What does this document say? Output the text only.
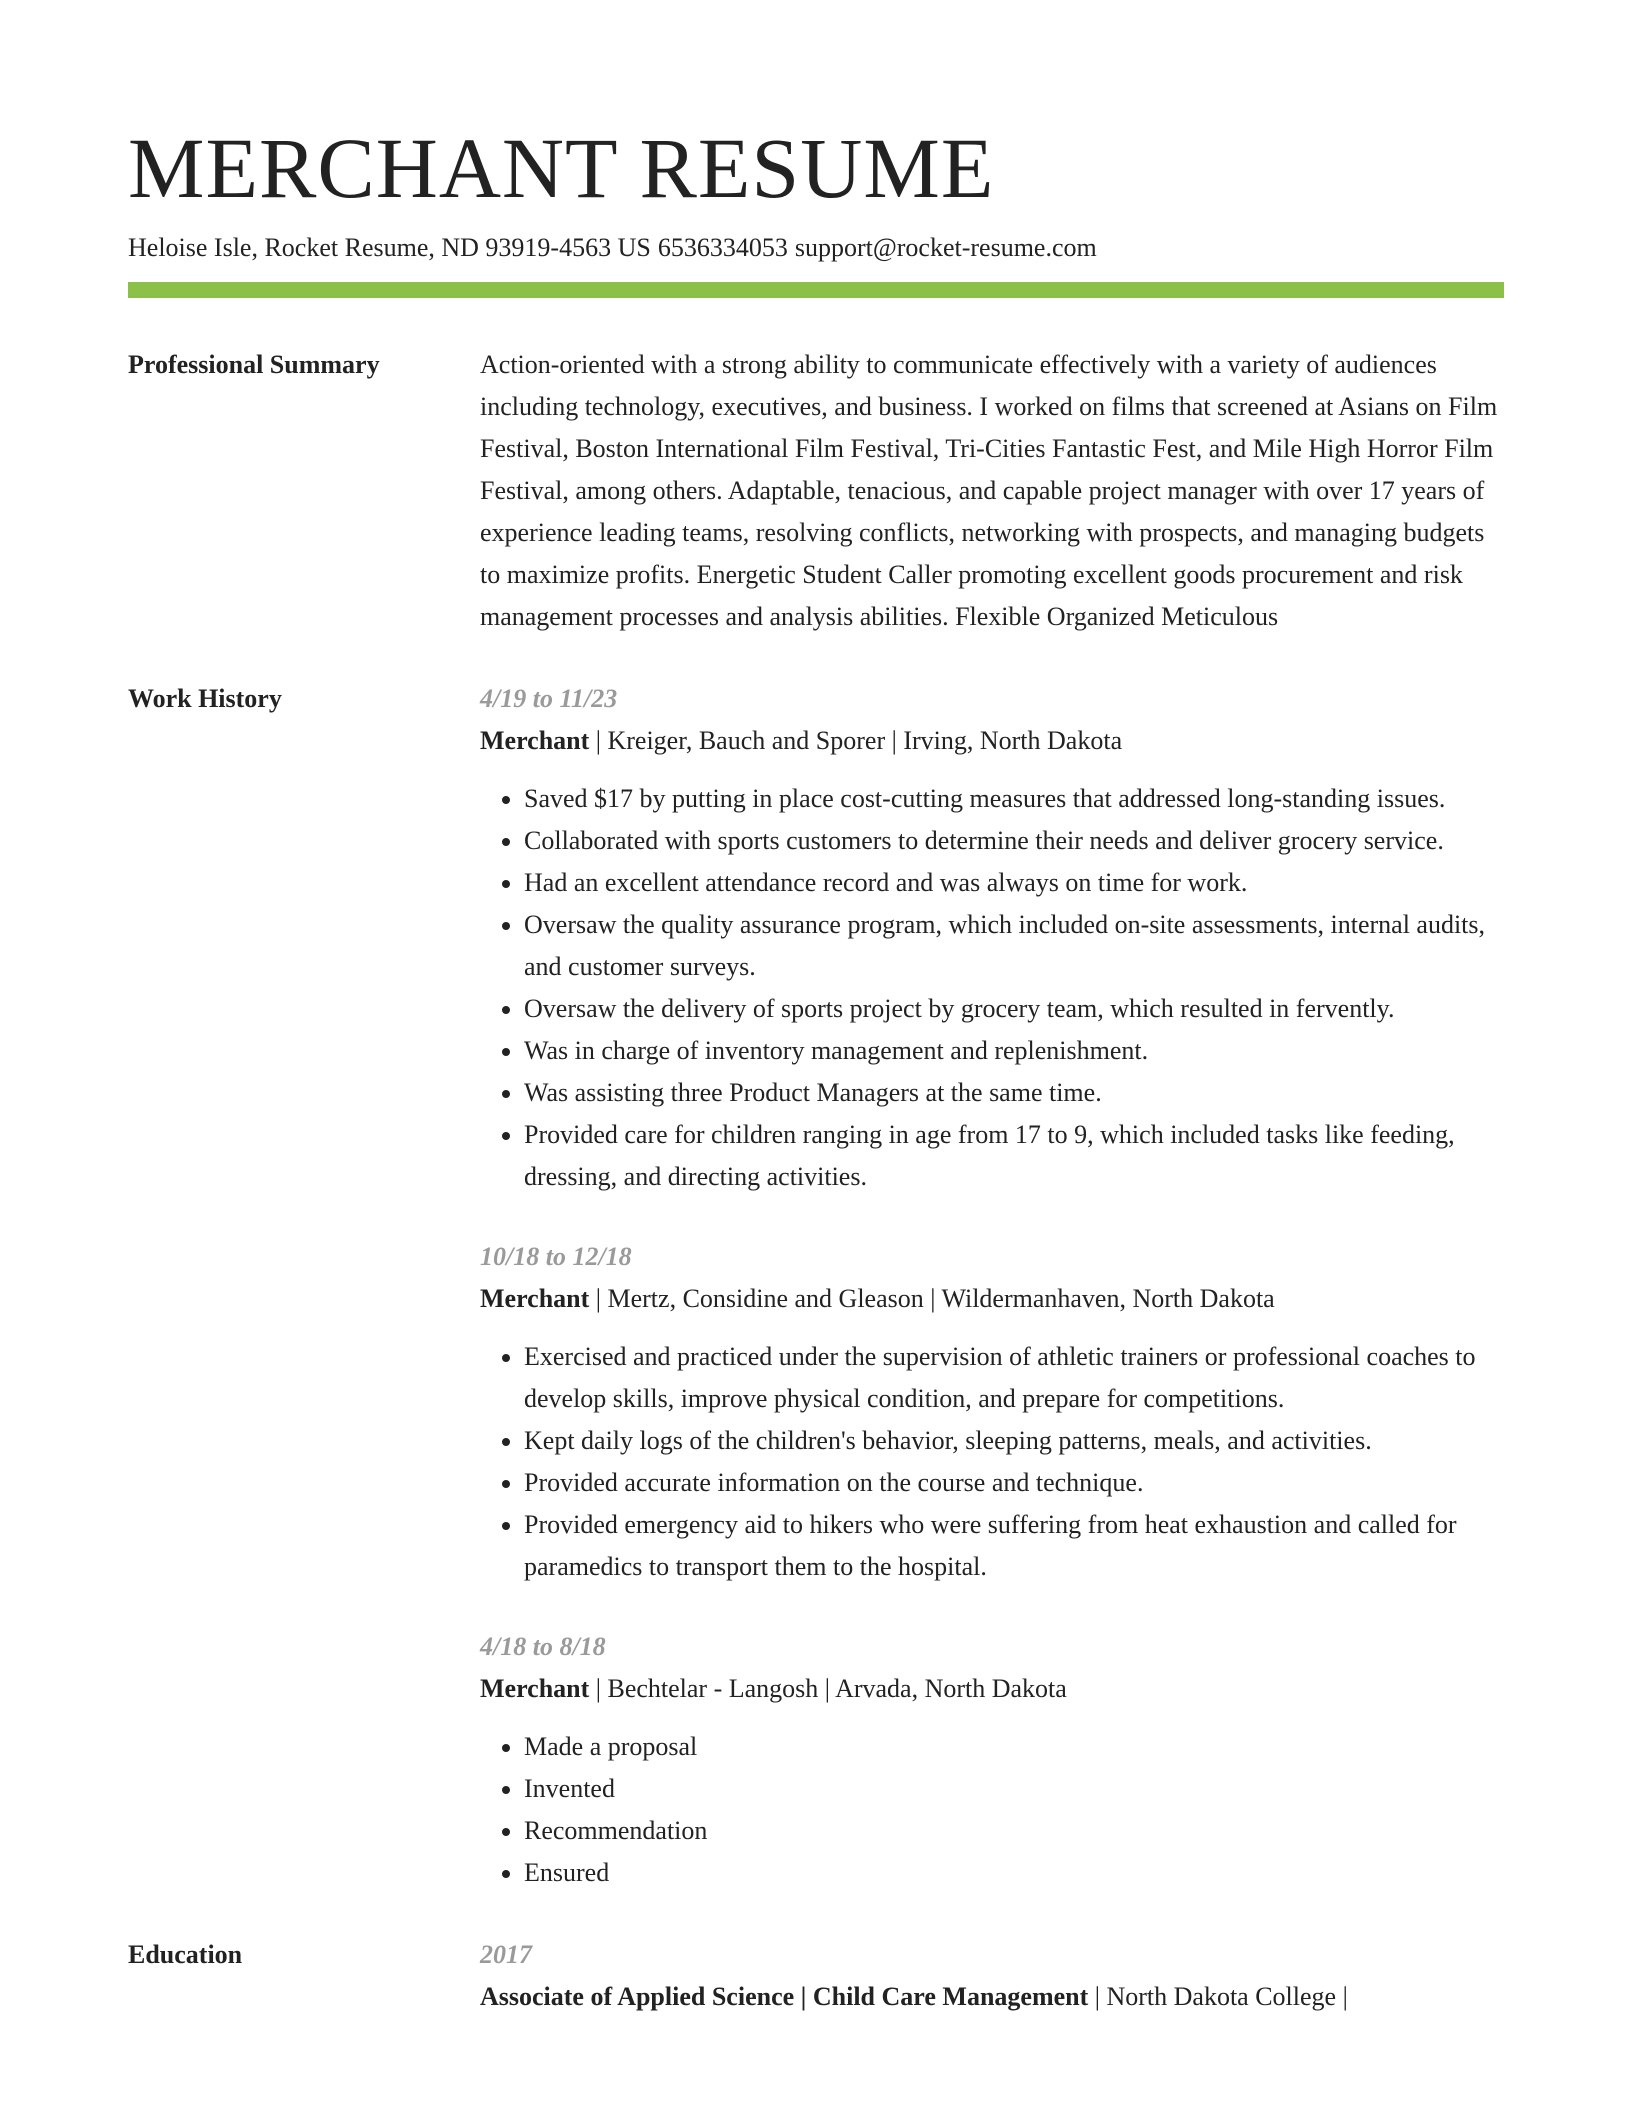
MERCHANT RESUME
Heloise Isle, Rocket Resume, ND 93919-4563 US 6536334053 support@rocket-resume.com
Professional Summary	Action-oriented with a strong ability to communicate effectively with a variety of audiences including technology, executives, and business. I worked on films that screened at Asians on Film Festival, Boston International Film Festival, Tri-Cities Fantastic Fest, and Mile High Horror Film Festival, among others. Adaptable, tenacious, and capable project manager with over 17 years of experience leading teams, resolving conflicts, networking with prospects, and managing budgets to maximize profits. Energetic Student Caller promoting excellent goods procurement and risk management processes and analysis abilities. Flexible Organized Meticulous

Work History	4/19 to 11/23
Merchant | Kreiger, Bauch and Sporer | Irving, North Dakota
• Saved $17 by putting in place cost-cutting measures that addressed long-standing issues.
• Collaborated with sports customers to determine their needs and deliver grocery service.
• Had an excellent attendance record and was always on time for work.
• Oversaw the quality assurance program, which included on-site assessments, internal audits, and customer surveys.
• Oversaw the delivery of sports project by grocery team, which resulted in fervently.
• Was in charge of inventory management and replenishment.
• Was assisting three Product Managers at the same time.
• Provided care for children ranging in age from 17 to 9, which included tasks like feeding, dressing, and directing activities.
10/18 to 12/18
Merchant | Mertz, Considine and Gleason | Wildermanhaven, North Dakota
• Exercised and practiced under the supervision of athletic trainers or professional coaches to develop skills, improve physical condition, and prepare for competitions.
• Kept daily logs of the children's behavior, sleeping patterns, meals, and activities.
• Provided accurate information on the course and technique.
• Provided emergency aid to hikers who were suffering from heat exhaustion and called for paramedics to transport them to the hospital.
4/18 to 8/18
Merchant | Bechtelar - Langosh | Arvada, North Dakota
• Made a proposal
• Invented
• Recommendation
• Ensured
Education	2017
Associate of Applied Science | Child Care Management | North Dakota College |
